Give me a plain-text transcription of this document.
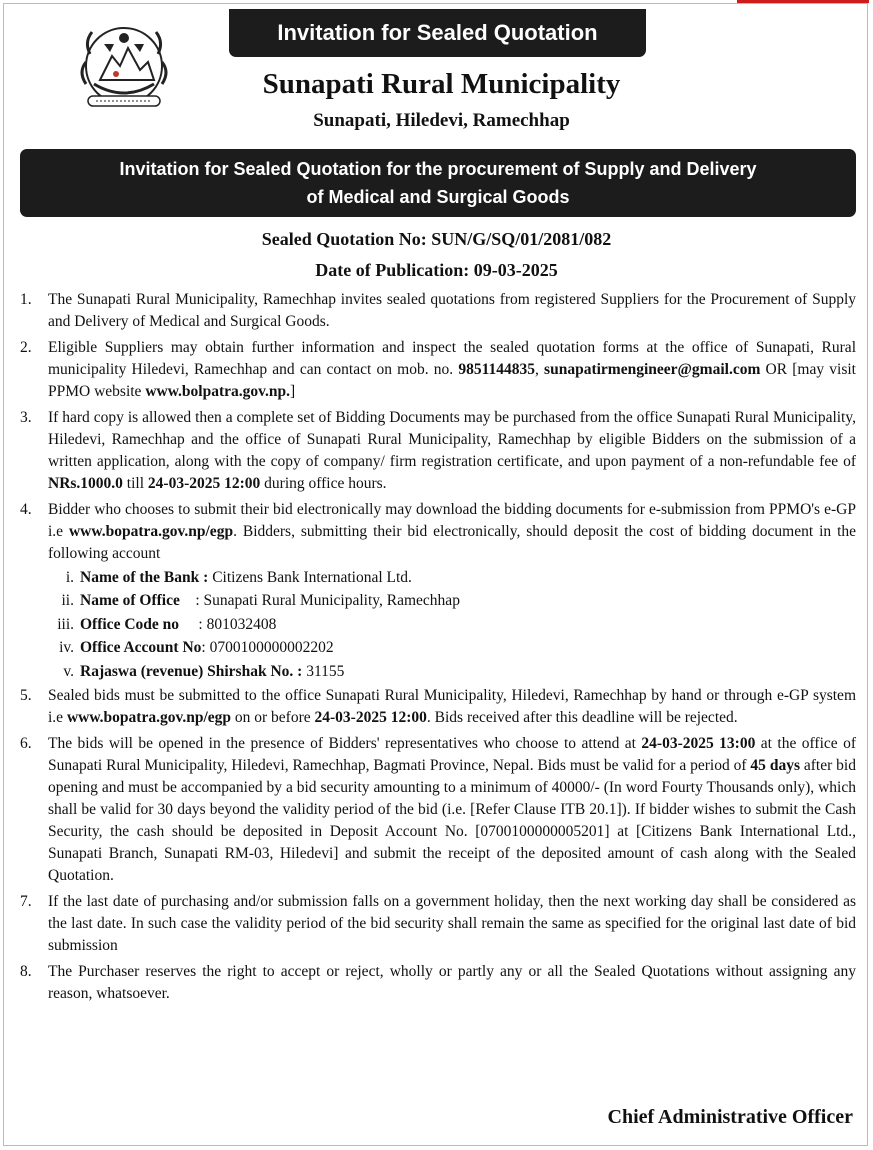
Invitation for Sealed Quotation
Sunapati Rural Municipality
Sunapati, Hiledevi, Ramechhap
Invitation for Sealed Quotation for the procurement of Supply and Delivery
of Medical and Surgical Goods
Sealed Quotation No: SUN/G/SQ/01/2081/082
Date of Publication: 09-03-2025
1.	The Sunapati Rural Municipality, Ramechhap invites sealed quotations from registered Suppliers for the Procurement of Supply and Delivery of Medical and Surgical Goods.
2.	Eligible Suppliers may obtain further information and inspect the sealed quotation forms at the office of Sunapati, Rural municipality Hiledevi, Ramechhap and can contact on mob. no. 9851144835, sunapatirmengineer@gmail.com OR [may visit PPMO website www.bolpatra.gov.np.]
3.	If hard copy is allowed then a complete set of Bidding Documents may be purchased from the office Sunapati Rural Municipality, Hiledevi, Ramechhap and the office of Sunapati Rural Municipality, Ramechhap by eligible Bidders on the submission of a written application, along with the copy of company/ firm registration certificate, and upon payment of a non-refundable fee of NRs.1000.0 till 24-03-2025 12:00 during office hours.
4.	Bidder who chooses to submit their bid electronically may download the bidding documents for e-submission from PPMO's e-GP i.e www.bopatra.gov.np/egp. Bidders, submitting their bid electronically, should deposit the cost of bidding document in the following account
i. Name of the Bank : Citizens Bank International Ltd.
ii. Name of Office : Sunapati Rural Municipality, Ramechhap
iii. Office Code no : 801032408
iv. Office Account No : 0700100000002202
v. Rajaswa (revenue) Shirshak No. : 31155
5.	Sealed bids must be submitted to the office Sunapati Rural Municipality, Hiledevi, Ramechhap by hand or through e-GP system i.e www.bopatra.gov.np/egp on or before 24-03-2025 12:00. Bids received after this deadline will be rejected.
6.	The bids will be opened in the presence of Bidders' representatives who choose to attend at 24-03-2025 13:00 at the office of Sunapati Rural Municipality, Hiledevi, Ramechhap, Bagmati Province, Nepal. Bids must be valid for a period of 45 days after bid opening and must be accompanied by a bid security amounting to a minimum of 40000/- (In word Fourty Thousands only), which shall be valid for 30 days beyond the validity period of the bid (i.e. [Refer Clause ITB 20.1]). If bidder wishes to submit the Cash Security, the cash should be deposited in Deposit Account No. [0700100000005201] at [Citizens Bank International Ltd., Sunapati Branch, Sunapati RM-03, Hiledevi] and submit the receipt of the deposited amount of cash along with the Sealed Quotation.
7.	If the last date of purchasing and/or submission falls on a government holiday, then the next working day shall be considered as the last date. In such case the validity period of the bid security shall remain the same as specified for the original last date of bid submission
8.	The Purchaser reserves the right to accept or reject, wholly or partly any or all the Sealed Quotations without assigning any reason, whatsoever.
Chief Administrative Officer
